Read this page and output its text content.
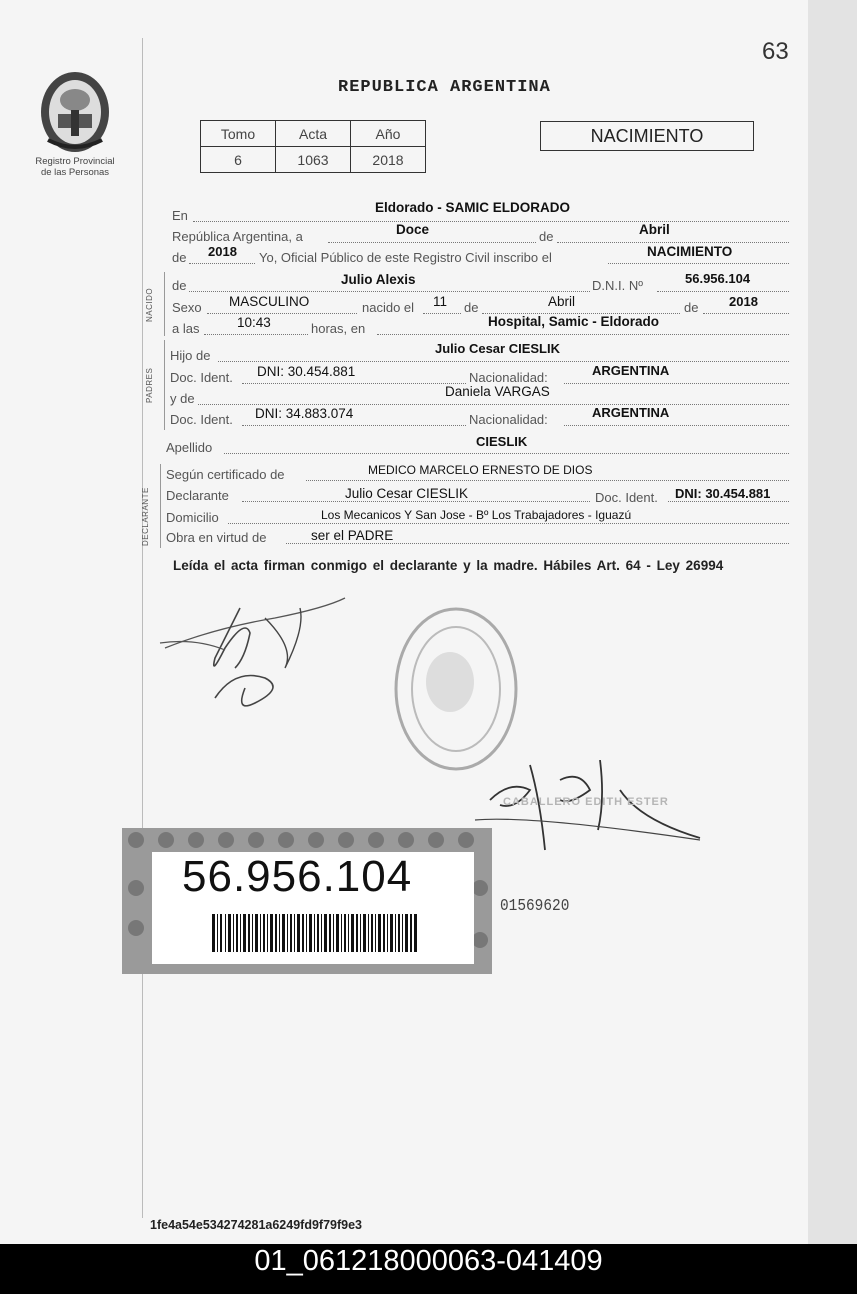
63
Registro Provincial
de las Personas
REPUBLICA ARGENTINA
Tomo	Acta	Año
6	1063	2018
NACIMIENTO
En
Eldorado - SAMIC ELDORADO
República Argentina, a	Doce	de	Abril
de 2018 Yo, Oficial Público de este Registro Civil inscribo el	NACIMIENTO
NACIDO
de	Julio Alexis	D.N.I. Nº	56.956.104
Sexo MASCULINO	nacido el 11 de	Abril	de 2018
a las	10:43	horas, en	Hospital, Samic - Eldorado
PADRES
Hijo de	Julio Cesar CIESLIK
Doc. Ident. DNI: 30.454.881	Nacionalidad:	ARGENTINA
y de	Daniela VARGAS
Doc. Ident. DNI: 34.883.074	Nacionalidad:	ARGENTINA
Apellido	CIESLIK
DECLARANTE
Según certificado de	MEDICO MARCELO ERNESTO DE DIOS
Declarante	Julio Cesar CIESLIK	Doc. Ident. DNI: 30.454.881
Domicilio	Los Mecanicos Y San Jose - Bº Los Trabajadores - Iguazú
Obra en virtud de	ser el PADRE
Leída el acta firman conmigo el declarante y la madre. Hábiles Art. 64 - Ley 26994
CABALLERO EDITH ESTER
56.956.104
01569620
1fe4a54e534274281a6249fd9f79f9e3
01_061218000063-041409
